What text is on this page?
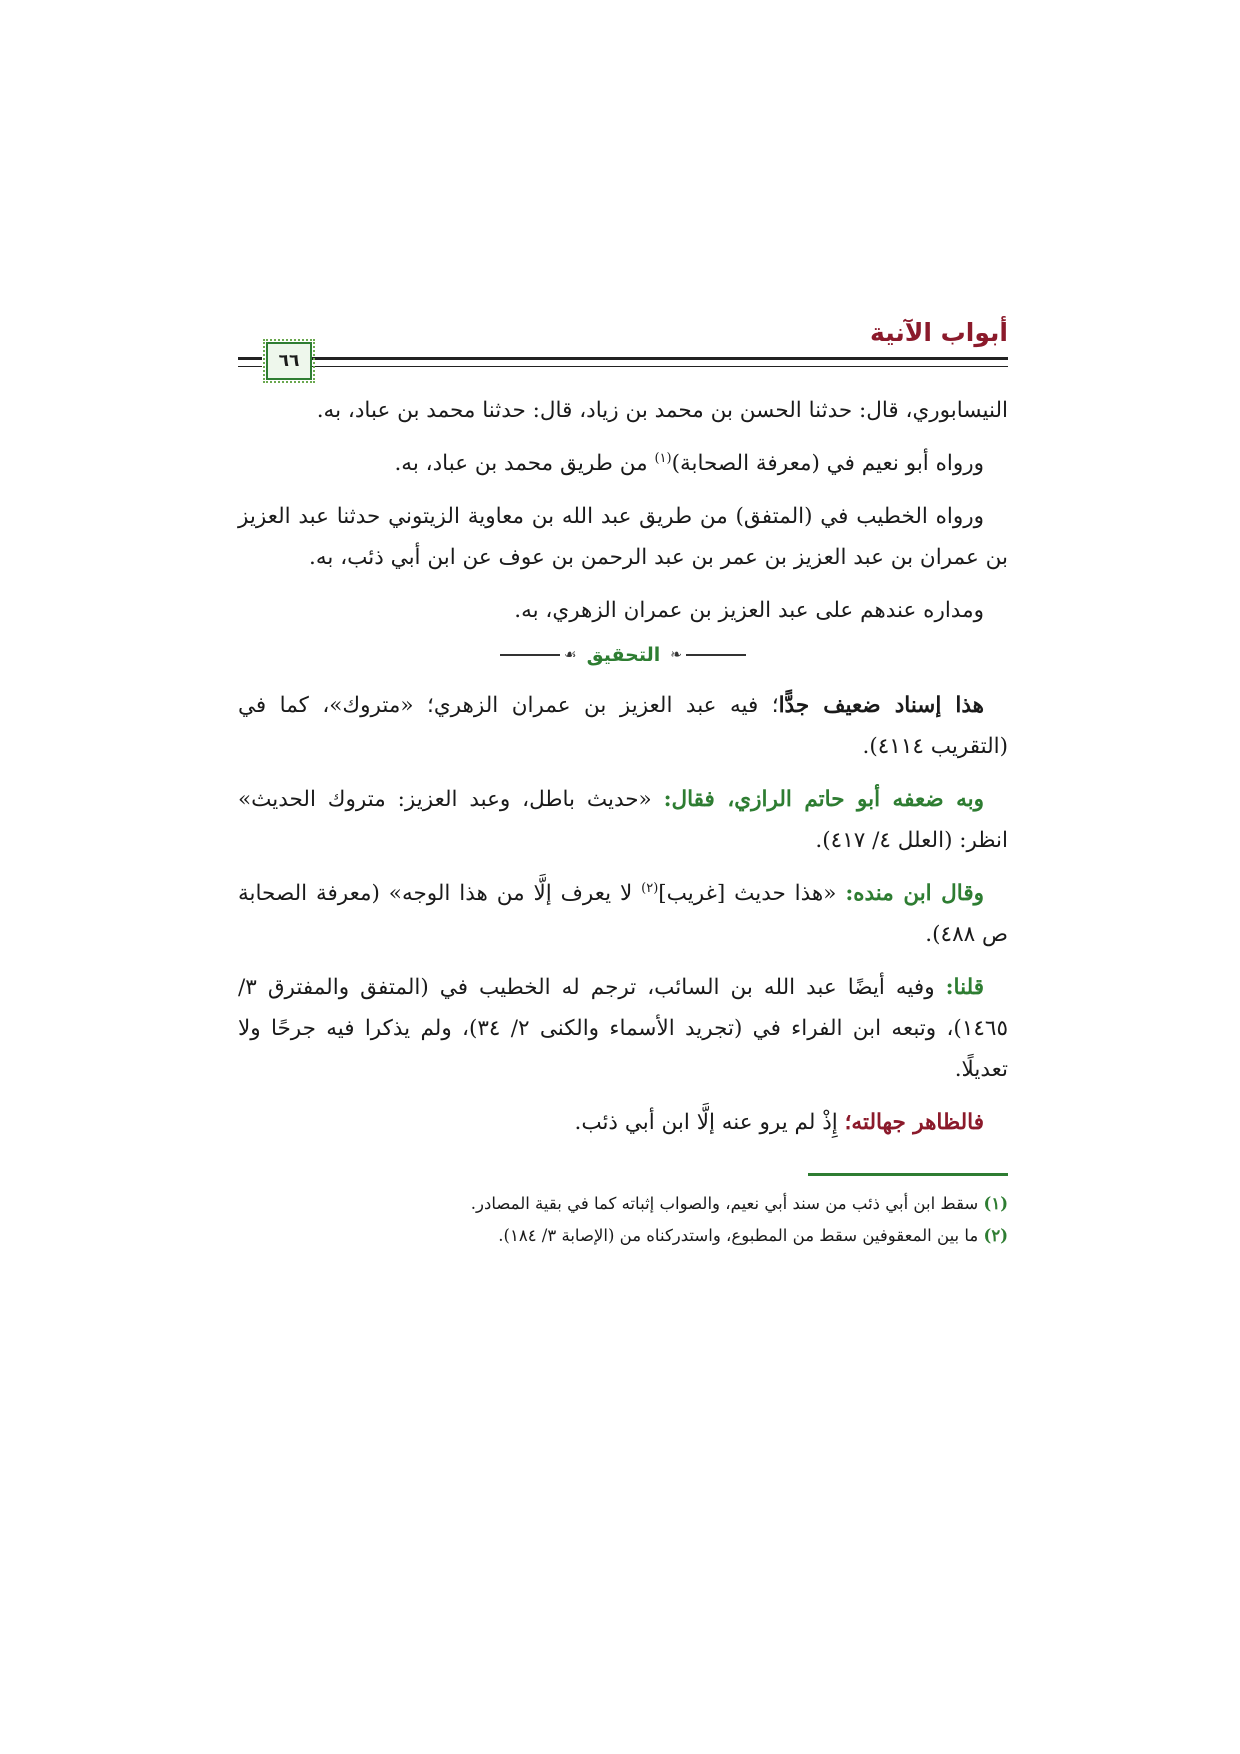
أبواب الآنية
٦٦

النيسابوري، قال: حدثنا الحسن بن محمد بن زياد، قال: حدثنا محمد بن عباد، به.

ورواه أبو نعيم في (معرفة الصحابة)$^{(١)}$ من طريق محمد بن عباد، به.

ورواه الخطيب في (المتفق) من طريق عبد الله بن معاوية الزيتوني حدثنا عبد العزيز بن عمران بن عبد العزيز بن عمر بن عبد الرحمن بن عوف عن ابن أبي ذئب، به.

ومداره عندهم على عبد العزيز بن عمران الزهري، به.

❧
التحقيق
☙

هذا إسناد ضعيف جدًّا؛ فيه عبد العزيز بن عمران الزهري؛ «متروك»، كما في (التقريب ٤١١٤).

وبه ضعفه أبو حاتم الرازي، فقال: «حديث باطل، وعبد العزيز: متروك الحديث» انظر: (العلل ٤/ ٤١٧).

وقال ابن منده: «هذا حديث [غريب]$^{(٢)}$ لا يعرف إلَّا من هذا الوجه» (معرفة الصحابة ص ٤٨٨).

قلنا: وفيه أيضًا عبد الله بن السائب، ترجم له الخطيب في (المتفق والمفترق ٣/ ١٤٦٥)، وتبعه ابن الفراء في (تجريد الأسماء والكنى ٢/ ٣٤)، ولم يذكرا فيه جرحًا ولا تعديلًا.

فالظاهر جهالته؛ إِذْ لم يرو عنه إلَّا ابن أبي ذئب.

(١) سقط ابن أبي ذئب من سند أبي نعيم، والصواب إثباته كما في بقية المصادر.
(٢) ما بين المعقوفين سقط من المطبوع، واستدركناه من (الإصابة ٣/ ١٨٤).
